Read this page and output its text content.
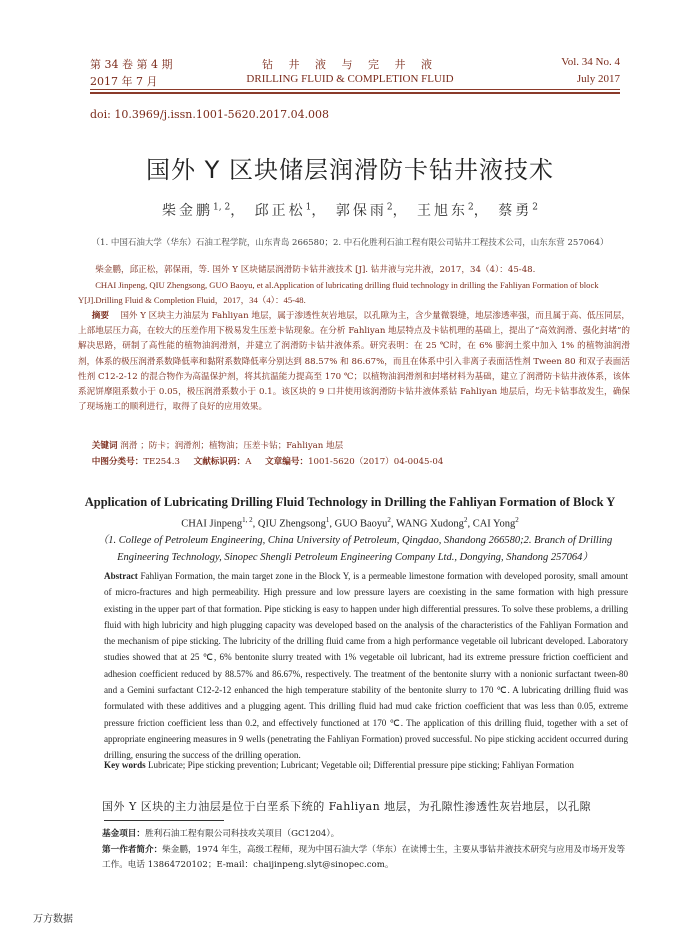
第 34 卷 第 4 期	钻 井 液 与 完 井 液	Vol. 34 No. 4
2017 年 7 月	DRILLING FLUID & COMPLETION FLUID	July 2017
doi: 10.3969/j.issn.1001-5620.2017.04.008
国外 Y 区块储层润滑防卡钻井液技术
柴金鹏$^{1, 2}$， 邱正松$^1$， 郭保雨$^2$， 王旭东$^2$， 蔡勇$^2$
（1. 中国石油大学（华东）石油工程学院，山东青岛 266580；2. 中石化胜利石油工程有限公司钻井工程技术公司，山东东营 257064）
柴金鹏，邱正松，郭保雨，等. 国外 Y 区块储层润滑防卡钻井液技术 [J]. 钻井液与完井液，2017，34（4）：45-48.
CHAI Jinpeng, QIU Zhengsong, GUO Baoyu, et al.Application of lubricating drilling fluid technology in drilling the Fahliyan Formation of block Y[J].Drilling Fluid & Completion Fluid，2017，34（4）：45-48.
摘要 国外 Y 区块主力油层为 Fahliyan 地层，属于渗透性灰岩地层，以孔隙为主，含少量微裂缝，地层渗透率强，而且属于高、低压同层，上部地层压力高，在较大的压差作用下极易发生压差卡钻现象。在分析 Fahliyan 地层特点及卡钻机理的基础上，提出了“高效润滑、强化封堵”的解决思路，研制了高性能的植物油润滑剂，并建立了润滑防卡钻井液体系。研究表明：在 25 ℃时，在 6% 膨润土浆中加入 1% 的植物油润滑剂，体系的极压润滑系数降低率和黏附系数降低率分别达到 88.57% 和 86.67%，而且在体系中引入非离子表面活性剂 Tween 80 和双子表面活性剂 C12-2-12 的混合物作为高温保护剂，将其抗温能力提高至 170 ℃；以植物油润滑剂和封堵材料为基础，建立了润滑防卡钻井液体系，该体系泥饼摩阻系数小于 0.05，极压润滑系数小于 0.1。该区块的 9 口井使用该润滑防卡钻井液体系钻 Fahliyan 地层后，均无卡钻事故发生，确保了现场施工的顺利进行，取得了良好的应用效果。
关键词 润滑 ；防卡；润滑剂；植物油；压差卡钻；Fahliyan 地层
中图分类号：TE254.3 文献标识码：A 文章编号：1001-5620（2017）04-0045-04
Application of Lubricating Drilling Fluid Technology in Drilling the Fahliyan Formation of Block Y
CHAI Jinpeng$^{1, 2}$, QIU Zhengsong$^1$, GUO Baoyu$^2$, WANG Xudong$^2$, CAI Yong$^2$
（1. College of Petroleum Engineering, China University of Petroleum, Qingdao, Shandong 266580;2. Branch of Drilling Engineering Technology, Sinopec Shengli Petroleum Engineering Company Ltd., Dongying, Shandong 257064）
Abstract Fahliyan Formation, the main target zone in the Block Y, is a permeable limestone formation with developed porosity, small amount of micro-fractures and high permeability. High pressure and low pressure layers are coexisting in the same formation with high pressure existing in the upper part of that formation. Pipe sticking is easy to happen under high differential pressures. To solve these problems, a drilling fluid with high lubricity and high plugging capacity was developed based on the analysis of the characteristics of the Fahliyan Formation and the mechanism of pipe sticking. The lubricity of the drilling fluid came from a high performance vegetable oil lubricant developed. Laboratory studies showed that at 25 ℃, 6% bentonite slurry treated with 1% vegetable oil lubricant, had its extreme pressure friction coefficient and adhesion coefficient reduced by 88.57% and 86.67%, respectively. The treatment of the bentonite slurry with a nonionic surfactant tween-80 and a Gemini surfactant C12-2-12 enhanced the high temperature stability of the bentonite slurry to 170 ℃. A lubricating drilling fluid was formulated with these additives and a plugging agent. This drilling fluid had mud cake friction coefficient that was less than 0.05, extreme pressure friction coefficient less than 0.2, and effectively functioned at 170 ℃. The application of this drilling fluid, together with a set of appropriate engineering measures in 9 wells (penetrating the Fahliyan Formation) proved successful. No pipe sticking accident occurred during drilling, ensuring the success of the drilling operation.
Key words Lubricate; Pipe sticking prevention; Lubricant; Vegetable oil; Differential pressure pipe sticking; Fahliyan Formation
国外 Y 区块的主力油层是位于白垩系下统的 Fahliyan 地层，为孔隙性渗透性灰岩地层，以孔隙
基金项目：胜利石油工程有限公司科技攻关项目（GC1204）。
第一作者简介：柴金鹏，1974 年生，高级工程师，现为中国石油大学（华东）在读博士生，主要从事钻井液技术研究与应用及市场开发等工作。电话 13864720102；E-mail：chaijinpeng.slyt@sinopec.com。
万方数据
